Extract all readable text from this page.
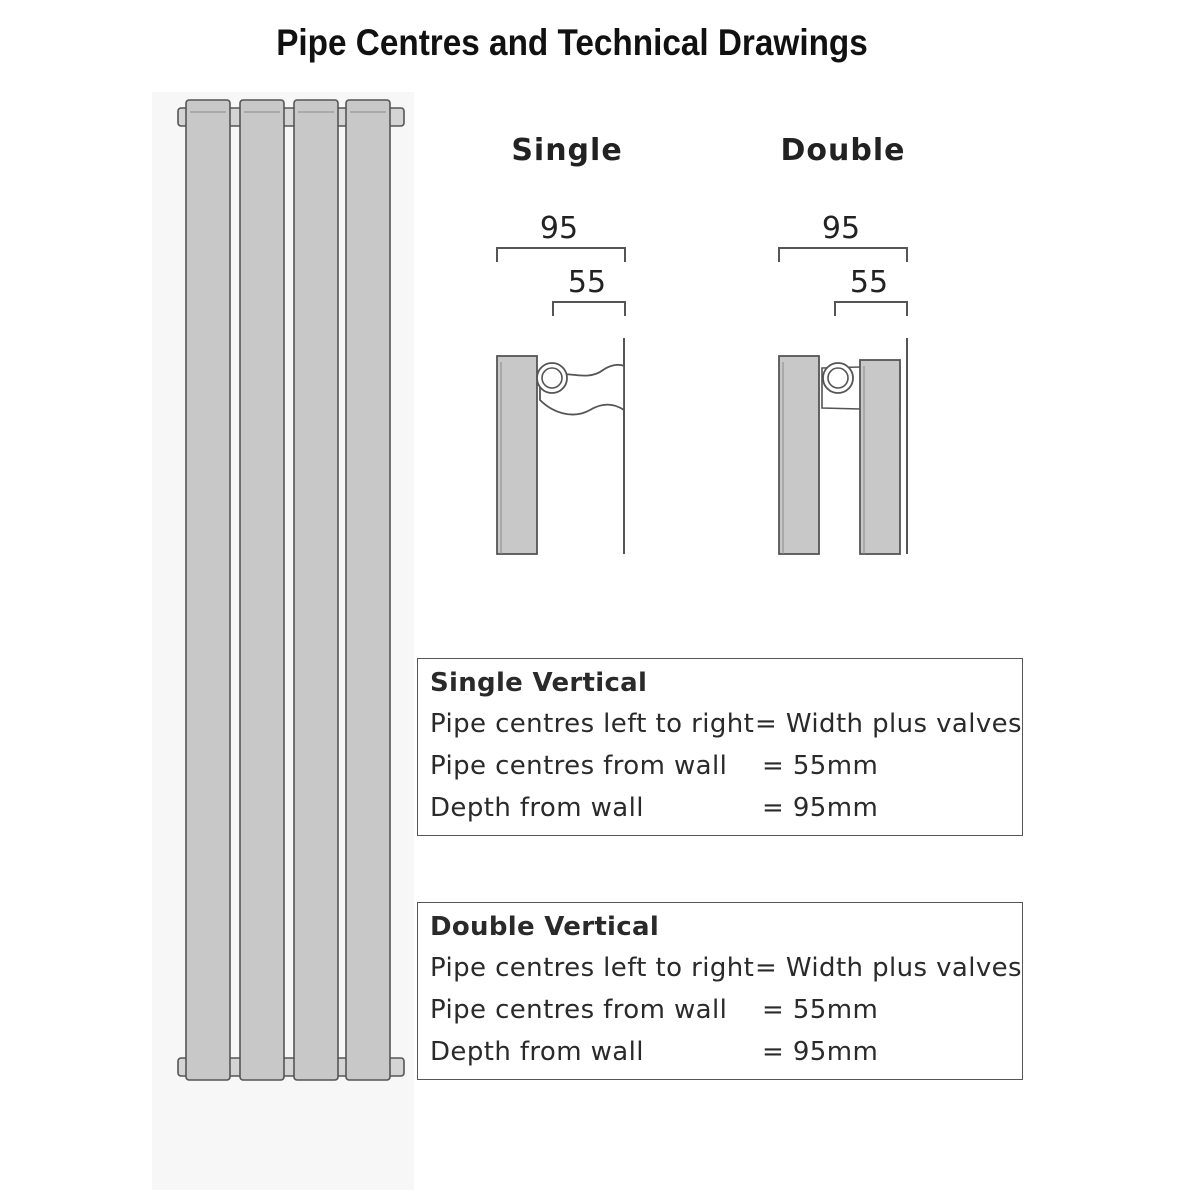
Pipe Centres and Technical Drawings
Single
95
55
Double
95
55
Single Vertical
Pipe centres left to right = Width plus valves
Pipe centres from wall	= 55mm
Depth from wall	= 95mm
Double Vertical
Pipe centres left to right = Width plus valves
Pipe centres from wall	= 55mm
Depth from wall	= 95mm
